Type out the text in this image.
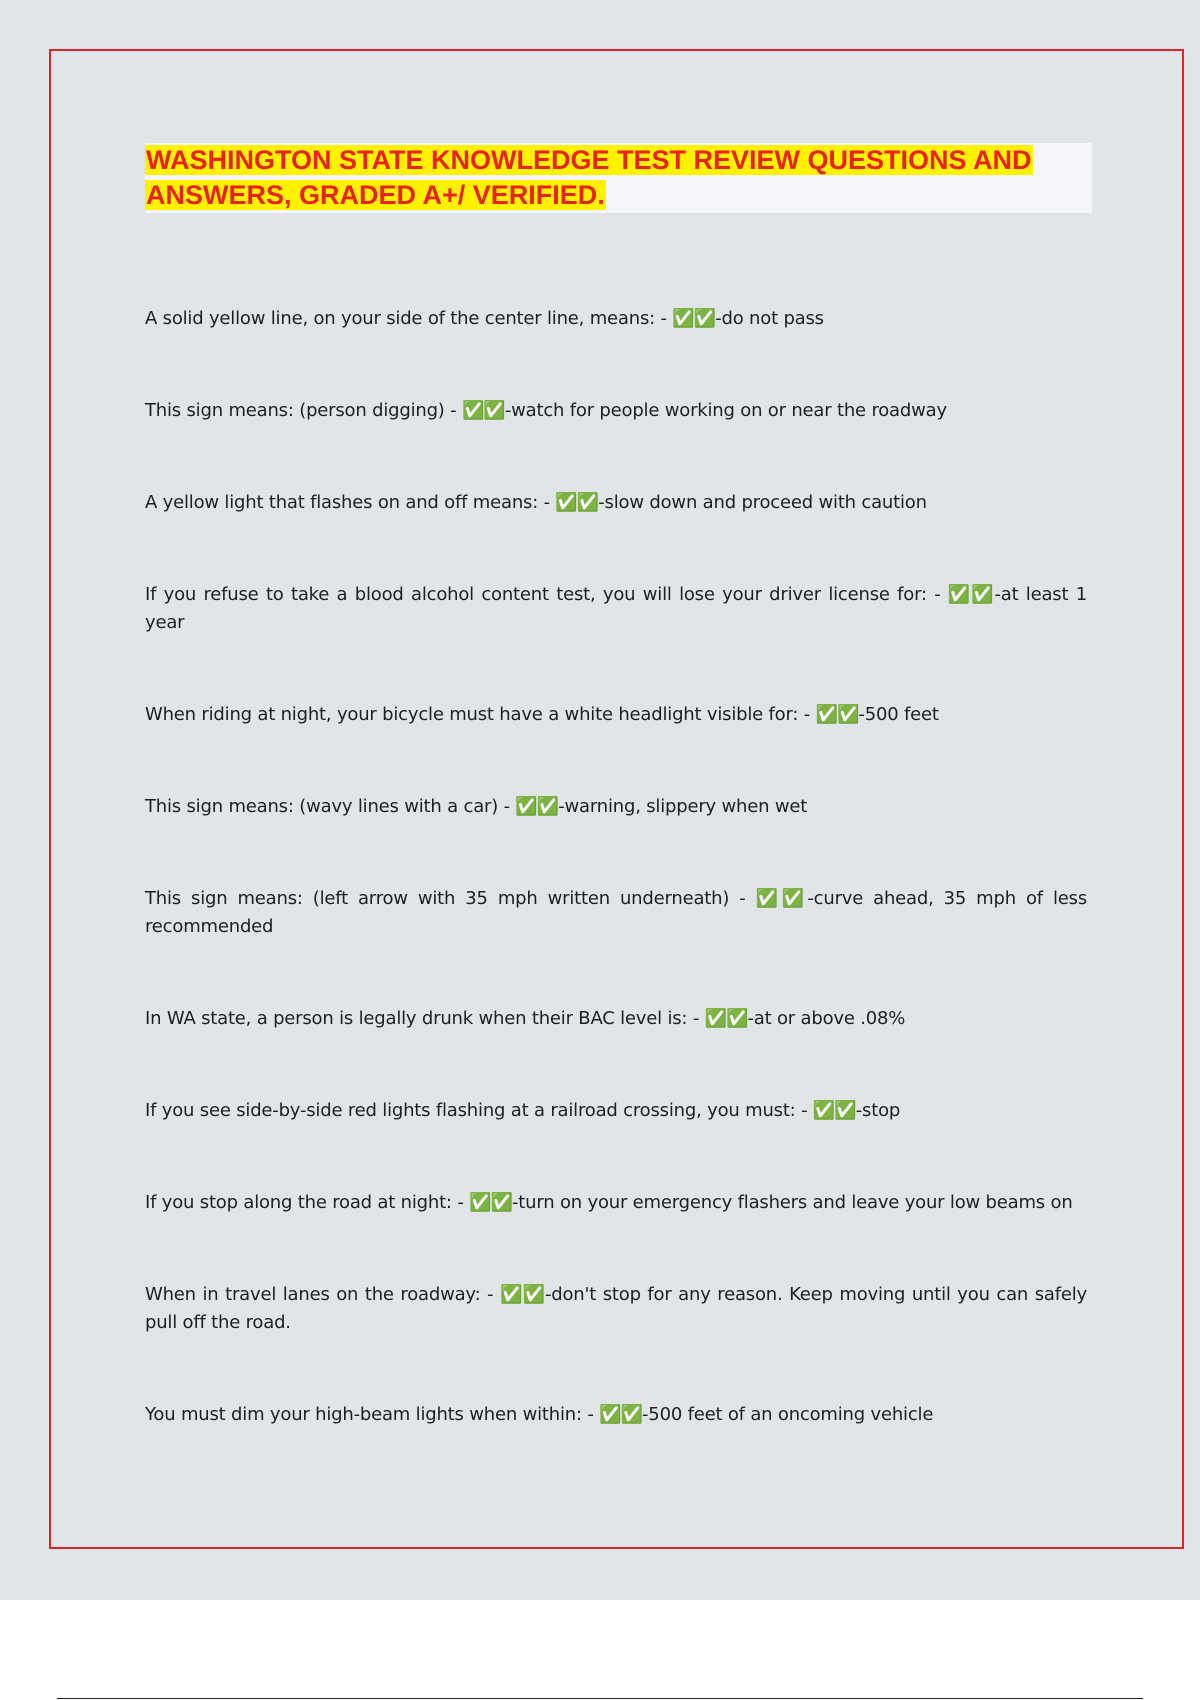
WASHINGTON STATE KNOWLEDGE TEST REVIEW QUESTIONS AND ANSWERS, GRADED A+/ VERIFIED.
A solid yellow line, on your side of the center line, means: - ✅✅-do not pass
This sign means: (person digging) - ✅✅-watch for people working on or near the roadway
A yellow light that flashes on and off means: - ✅✅-slow down and proceed with caution
If you refuse to take a blood alcohol content test, you will lose your driver license for: - ✅✅-at least 1 year
When riding at night, your bicycle must have a white headlight visible for: - ✅✅-500 feet
This sign means: (wavy lines with a car) - ✅✅-warning, slippery when wet
This sign means: (left arrow with 35 mph written underneath) - ✅✅-curve ahead, 35 mph of less recommended
In WA state, a person is legally drunk when their BAC level is: - ✅✅-at or above .08%
If you see side-by-side red lights flashing at a railroad crossing, you must: - ✅✅-stop
If you stop along the road at night: - ✅✅-turn on your emergency flashers and leave your low beams on
When in travel lanes on the roadway: - ✅✅-don't stop for any reason. Keep moving until you can safely pull off the road.
You must dim your high-beam lights when within: - ✅✅-500 feet of an oncoming vehicle
